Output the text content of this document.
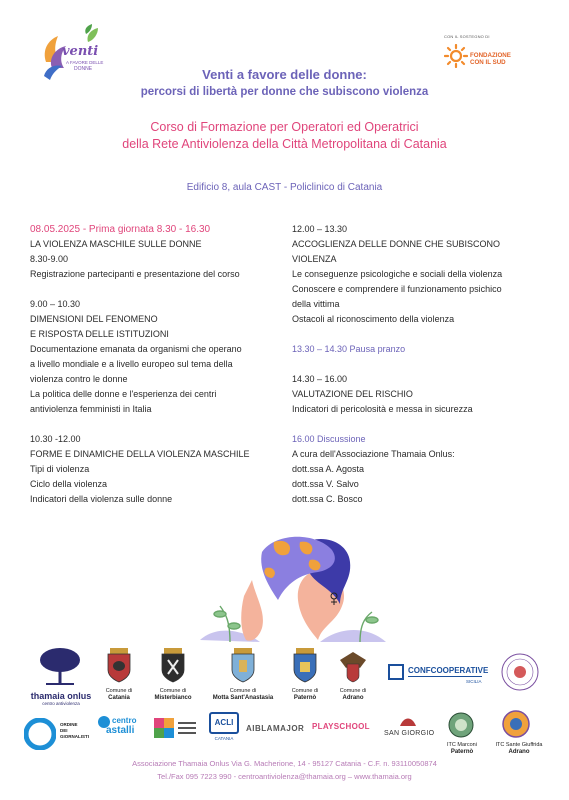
venti
A FAVORE DELLE
DONNE
CON IL SOSTEGNO DI
FONDAZIONE
CON IL SUD
Venti a favore delle donne:
percorsi di libertà per donne che subiscono violenza
Corso di Formazione per Operatori ed Operatrici
della Rete Antiviolenza della Città Metropolitana di Catania
Edificio 8, aula CAST - Policlinico di Catania
08.05.2025 - Prima giornata 8.30 - 16.30
LA VIOLENZA MASCHILE SULLE DONNE
8.30-9.00
Registrazione partecipanti e presentazione del corso
9.00 – 10.30
DIMENSIONI DEL FENOMENO
E RISPOSTA DELLE ISTITUZIONI
Documentazione emanata da organismi che operano
a livello mondiale e a livello europeo sul tema della
violenza contro le donne
La politica delle donne e l'esperienza dei centri
antiviolenza femministi in Italia
10.30 -12.00
FORME E DINAMICHE DELLA VIOLENZA MASCHILE
Tipi di violenza
Ciclo della violenza
Indicatori della violenza sulle donne
12.00 – 13.30
ACCOGLIENZA DELLE DONNE CHE SUBISCONO
VIOLENZA
Le conseguenze psicologiche e sociali della violenza
Conoscere e comprendere il funzionamento psichico
della vittima
Ostacoli al riconoscimento della violenza
13.30 – 14.30 Pausa pranzo
14.30 – 16.00
VALUTAZIONE DEL RISCHIO
Indicatori di pericolosità e messa in sicurezza
16.00 Discussione
A cura dell'Associazione Thamaia Onlus:
dott.ssa A. Agosta
dott.ssa V. Salvo
dott.ssa C. Bosco
thamaia onlus
centro antiviolenza
Comune di
Catania
Comune di
Misterbianco
Comune di
Motta Sant'Anastasia
Comune di
Paternò
Comune di
Adrano
CONFCOOPERATIVE
SICILIA
ORDINE
DEI
GIORNALISTI
centro
astalli
ACLI
CATANIA
AIBLAMAJOR PLAYSCHOOL
SAN GIORGIO
ITC Marconi
Paternò
ITC Sante Giuffrida
Adrano
Associazione Thamaia Onlus Via G. Macherione, 14 - 95127 Catania - C.F. n. 93110050874
Tel./Fax 095 7223 990 - centroantiviolenza@thamaia.org – www.thamaia.org
